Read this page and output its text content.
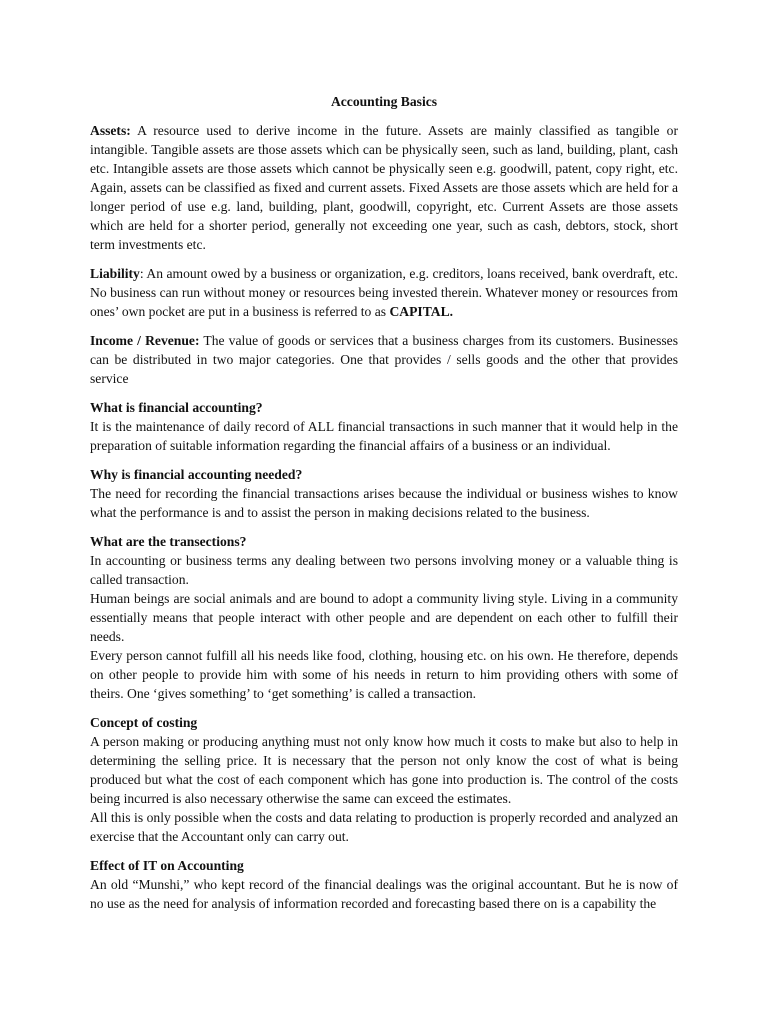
Accounting Basics

Assets: A resource used to derive income in the future. Assets are mainly classified as tangible or intangible. Tangible assets are those assets which can be physically seen, such as land, building, plant, cash etc. Intangible assets are those assets which cannot be physically seen e.g. goodwill, patent, copy right, etc. Again, assets can be classified as fixed and current assets. Fixed Assets are those assets which are held for a longer period of use e.g. land, building, plant, goodwill, copyright, etc. Current Assets are those assets which are held for a shorter period, generally not exceeding one year, such as cash, debtors, stock, short term investments etc.

Liability: An amount owed by a business or organization, e.g. creditors, loans received, bank overdraft, etc. No business can run without money or resources being invested therein. Whatever money or resources from ones’ own pocket are put in a business is referred to as CAPITAL.

Income / Revenue: The value of goods or services that a business charges from its customers. Businesses can be distributed in two major categories. One that provides / sells goods and the other that provides service

What is financial accounting?

It is the maintenance of daily record of ALL financial transactions in such manner that it would help in the preparation of suitable information regarding the financial affairs of a business or an individual.

Why is financial accounting needed?

The need for recording the financial transactions arises because the individual or business wishes to know what the performance is and to assist the person in making decisions related to the business.

What are the transections?

In accounting or business terms any dealing between two persons involving money or a valuable thing is called transaction.

Human beings are social animals and are bound to adopt a community living style. Living in a community essentially means that people interact with other people and are dependent on each other to fulfill their needs.

Every person cannot fulfill all his needs like food, clothing, housing etc. on his own. He therefore, depends on other people to provide him with some of his needs in return to him providing others with some of theirs. One ‘gives something’ to ‘get something’ is called a transaction.

Concept of costing

A person making or producing anything must not only know how much it costs to make but also to help in determining the selling price. It is necessary that the person not only know the cost of what is being produced but what the cost of each component which has gone into production is. The control of the costs being incurred is also necessary otherwise the same can exceed the estimates.

All this is only possible when the costs and data relating to production is properly recorded and analyzed an exercise that the Accountant only can carry out.

Effect of IT on Accounting

An old “Munshi,” who kept record of the financial dealings was the original accountant. But he is now of no use as the need for analysis of information recorded and forecasting based there on is a capability the
